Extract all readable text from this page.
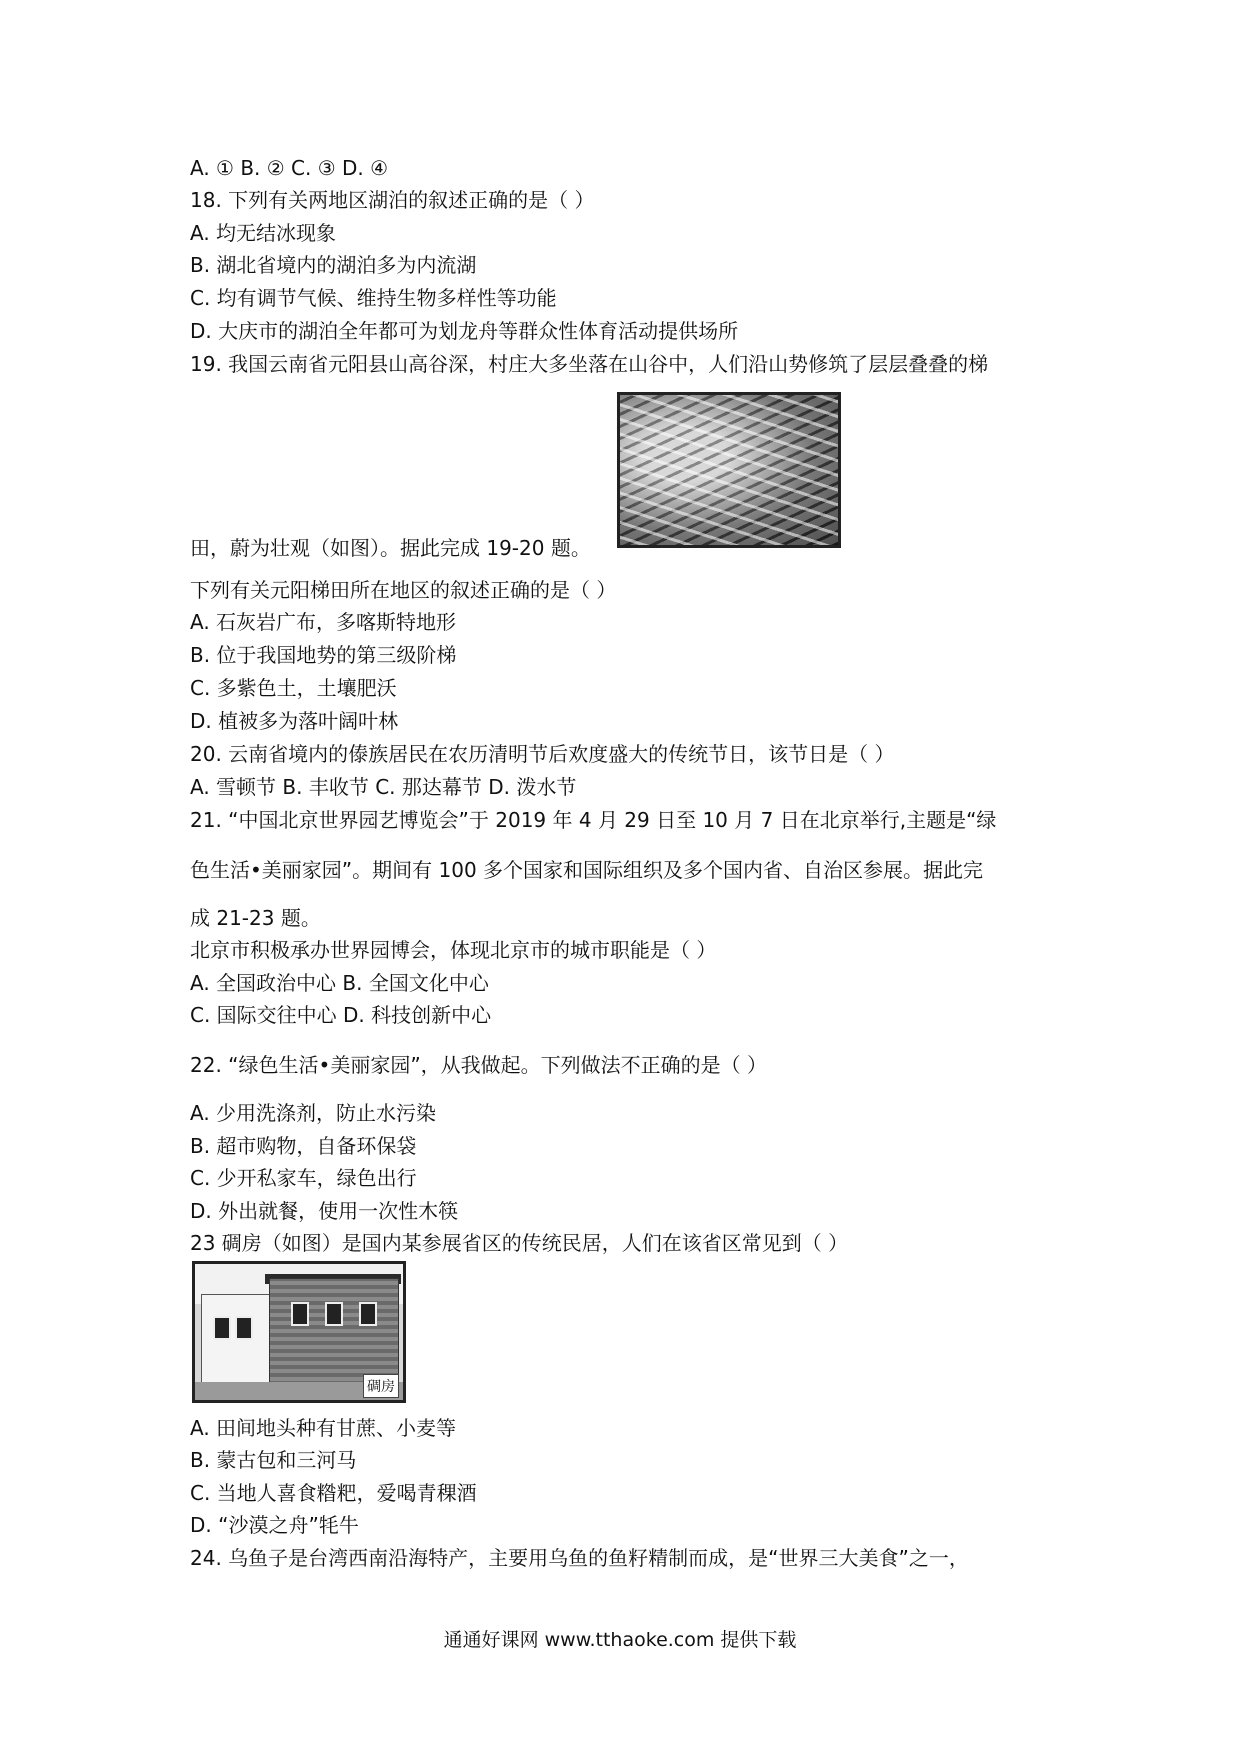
A. ① B. ② C. ③ D. ④
18. 下列有关两地区湖泊的叙述正确的是（ ）
A. 均无结冰现象
B. 湖北省境内的湖泊多为内流湖
C. 均有调节气候、维持生物多样性等功能
D. 大庆市的湖泊全年都可为划龙舟等群众性体育活动提供场所
19. 我国云南省元阳县山高谷深，村庄大多坐落在山谷中，人们沿山势修筑了层层叠叠的梯
田，蔚为壮观（如图）。据此完成 19-20 题。
下列有关元阳梯田所在地区的叙述正确的是（ ）
A. 石灰岩广布，多喀斯特地形
B. 位于我国地势的第三级阶梯
C. 多紫色土，土壤肥沃
D. 植被多为落叶阔叶林
20. 云南省境内的傣族居民在农历清明节后欢度盛大的传统节日，该节日是（ ）
A. 雪顿节 B. 丰收节 C. 那达幕节 D. 泼水节
21. “中国北京世界园艺博览会”于 2019 年 4 月 29 日至 10 月 7 日在北京举行,主题是“绿
色生活•美丽家园”。期间有 100 多个国家和国际组织及多个国内省、自治区参展。据此完
成 21-23 题。
北京市积极承办世界园博会，体现北京市的城市职能是（ ）
A. 全国政治中心 B. 全国文化中心
C. 国际交往中心 D. 科技创新中心
22. “绿色生活•美丽家园”，从我做起。下列做法不正确的是（ ）
A. 少用洗涤剂，防止水污染
B. 超市购物，自备环保袋
C. 少开私家车，绿色出行
D. 外出就餐，使用一次性木筷
23 碉房（如图）是国内某参展省区的传统民居，人们在该省区常见到（ ）
碉房
A. 田间地头种有甘蔗、小麦等
B. 蒙古包和三河马
C. 当地人喜食糌粑，爱喝青稞酒
D. “沙漠之舟”牦牛
24. 乌鱼子是台湾西南沿海特产，主要用乌鱼的鱼籽精制而成，是“世界三大美食”之一，
通通好课网 www.tthaoke.com 提供下载
